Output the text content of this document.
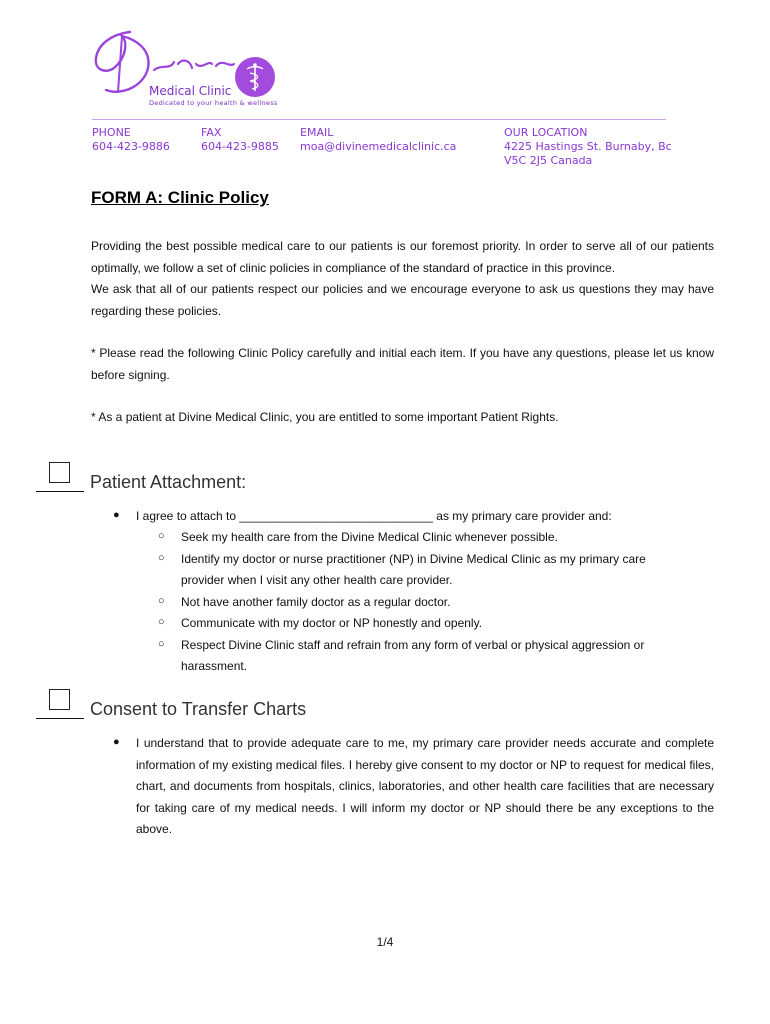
Medical Clinic
Dedicated to your health & wellness
PHONE
604-423-9886
FAX
604-423-9885
EMAIL
moa@divinemedicalclinic.ca
OUR LOCATION
4225 Hastings St. Burnaby, Bc
V5C 2J5 Canada
FORM A: Clinic Policy

Providing the best possible medical care to our patients is our foremost priority. In order to serve all of our patients optimally, we follow a set of clinic policies in compliance of the standard of practice in this province.

We ask that all of our patients respect our policies and we encourage everyone to ask us questions they may have regarding these policies.

* Please read the following Clinic Policy carefully and initial each item. If you have any questions, please let us know before signing.
* As a patient at Divine Medical Clinic, you are entitled to some important Patient Rights.
Patient Attachment:
● I agree to attach to _____________________________ as my primary care provider and:
○ Seek my health care from the Divine Medical Clinic whenever possible.
○ Identify my doctor or nurse practitioner (NP) in Divine Medical Clinic as my primary care
provider when I visit any other health care provider.
○ Not have another family doctor as a regular doctor.
○ Communicate with my doctor or NP honestly and openly.
○ Respect Divine Clinic staff and refrain from any form of verbal or physical aggression or
harassment.
Consent to Transfer Charts
● I understand that to provide adequate care to me, my primary care provider needs accurate and complete information of my existing medical files. I hereby give consent to my doctor or NP to request for medical files, chart, and documents from hospitals, clinics, laboratories, and other health care facilities that are necessary for taking care of my medical needs. I will inform my doctor or NP should there be any exceptions to the above.
1/4
